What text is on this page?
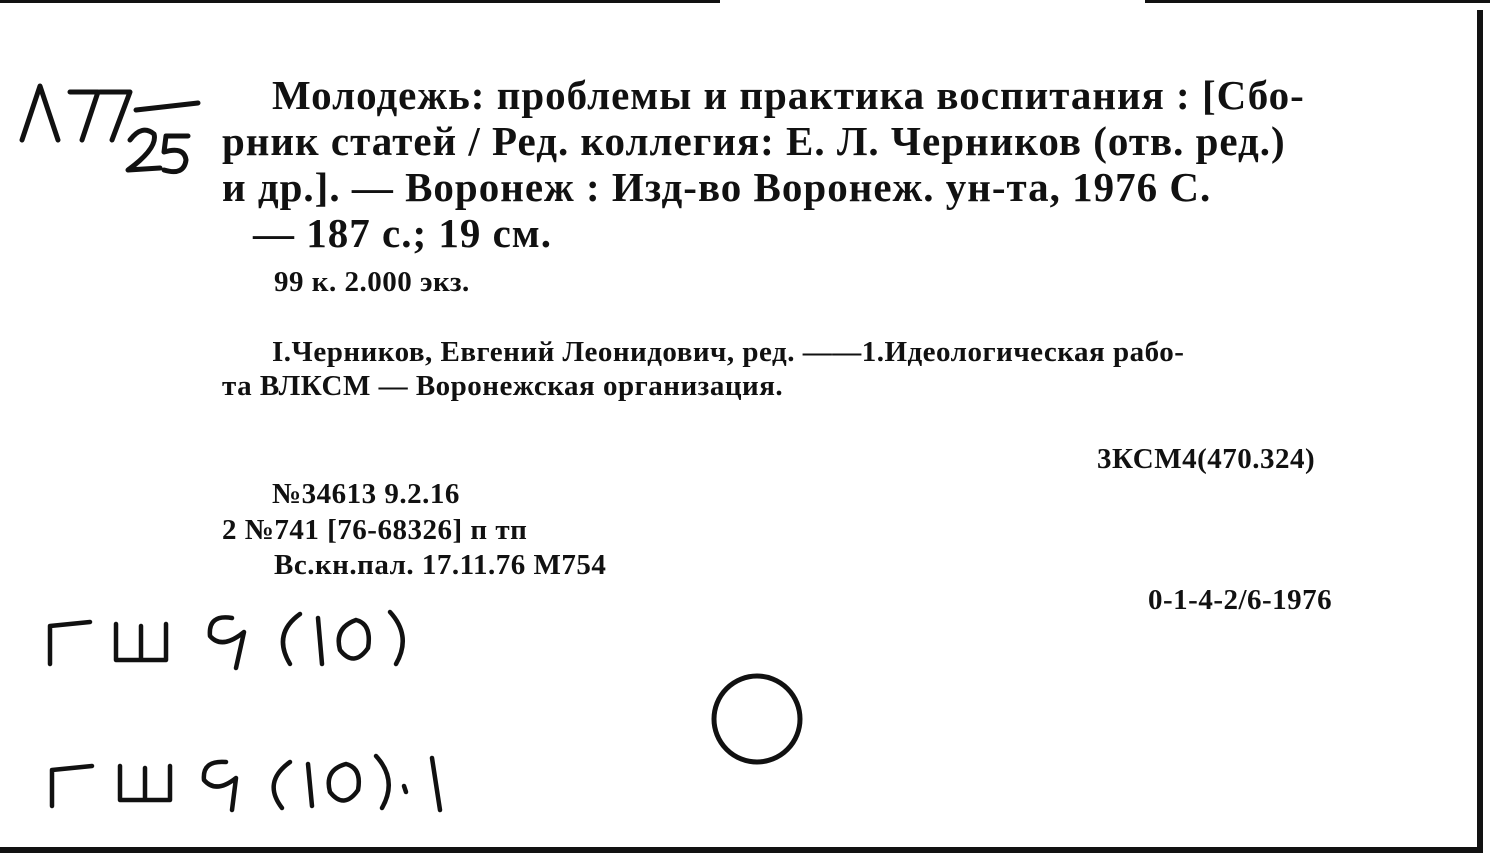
Молодежь: проблемы и практика воспитания : [Сбо-
рник статей / Ред. коллегия: Е. Л. Черников (отв. ред.)
и др.]. — Воронеж : Изд-во Воронеж. ун-та, 1976 С.
— 187 с.; 19 см.
99 к. 2.000 экз.
I.Черников, Евгений Леонидович, ред. ——1.Идеологическая рабо-
та ВЛКСМ — Воронежская организация.
3КСМ4(470.324)
№34613 9.2.16
2 №741 [76-68326] п тп
Вс.кн.пал. 17.11.76 М754
0-1-4-2/6-1976
